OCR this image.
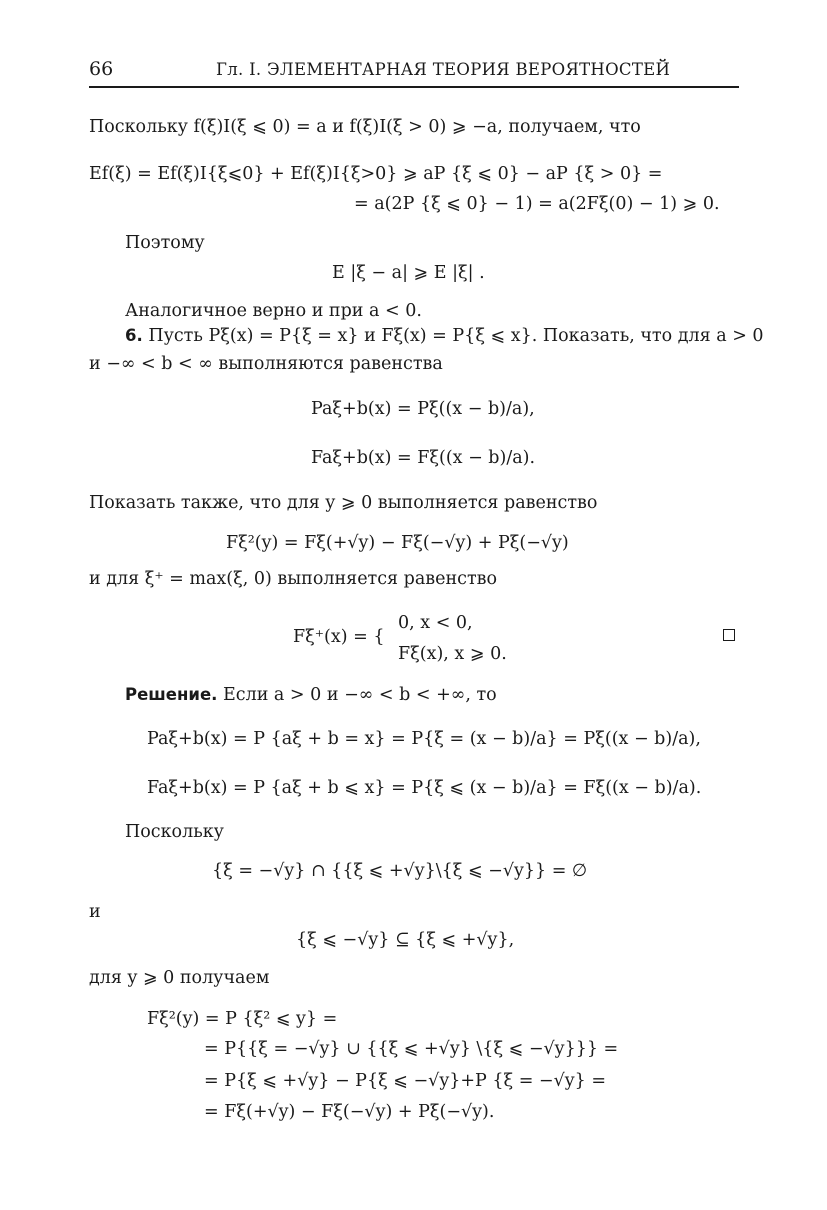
66	Гл. I. ЭЛЕМЕНТАРНАЯ ТЕОРИЯ ВЕРОЯТНОСТЕЙ
Поскольку f(ξ)I(ξ ⩽ 0) = a и f(ξ)I(ξ > 0) ⩾ −a, получаем, что
Ef(ξ) = Ef(ξ)I{ξ⩽0} + Ef(ξ)I{ξ>0} ⩾ aP {ξ ⩽ 0} − aP {ξ > 0} =
= a(2P {ξ ⩽ 0} − 1) = a(2Fξ(0) − 1) ⩾ 0.
Поэтому
E |ξ − a| ⩾ E |ξ| .
Аналогичное верно и при a < 0.
6. Пусть Pξ(x) = P{ξ = x} и Fξ(x) = P{ξ ⩽ x}. Показать, что для a > 0
и −∞ < b < ∞ выполняются равенства
Paξ+b(x) = Pξ((x − b)/a),
Faξ+b(x) = Fξ((x − b)/a).
Показать также, что для y ⩾ 0 выполняется равенство
Fξ²(y) = Fξ(+√y) − Fξ(−√y) + Pξ(−√y)
и для ξ⁺ = max(ξ, 0) выполняется равенство
Fξ⁺(x) = {
0, x < 0,
Fξ(x), x ⩾ 0.
Решение. Если a > 0 и −∞ < b < +∞, то
Paξ+b(x) = P {aξ + b = x} = P{ξ = (x − b)/a} = Pξ((x − b)/a),
Faξ+b(x) = P {aξ + b ⩽ x} = P{ξ ⩽ (x − b)/a} = Fξ((x − b)/a).
Поскольку
{ξ = −√y} ∩ {{ξ ⩽ +√y}\{ξ ⩽ −√y}} = ∅
и
{ξ ⩽ −√y} ⊆ {ξ ⩽ +√y},
для y ⩾ 0 получаем
Fξ²(y) = P {ξ² ⩽ y} =
= P{{ξ = −√y} ∪ {{ξ ⩽ +√y} \{ξ ⩽ −√y}}} =
= P{ξ ⩽ +√y} − P{ξ ⩽ −√y}+P {ξ = −√y} =
= Fξ(+√y) − Fξ(−√y) + Pξ(−√y).
